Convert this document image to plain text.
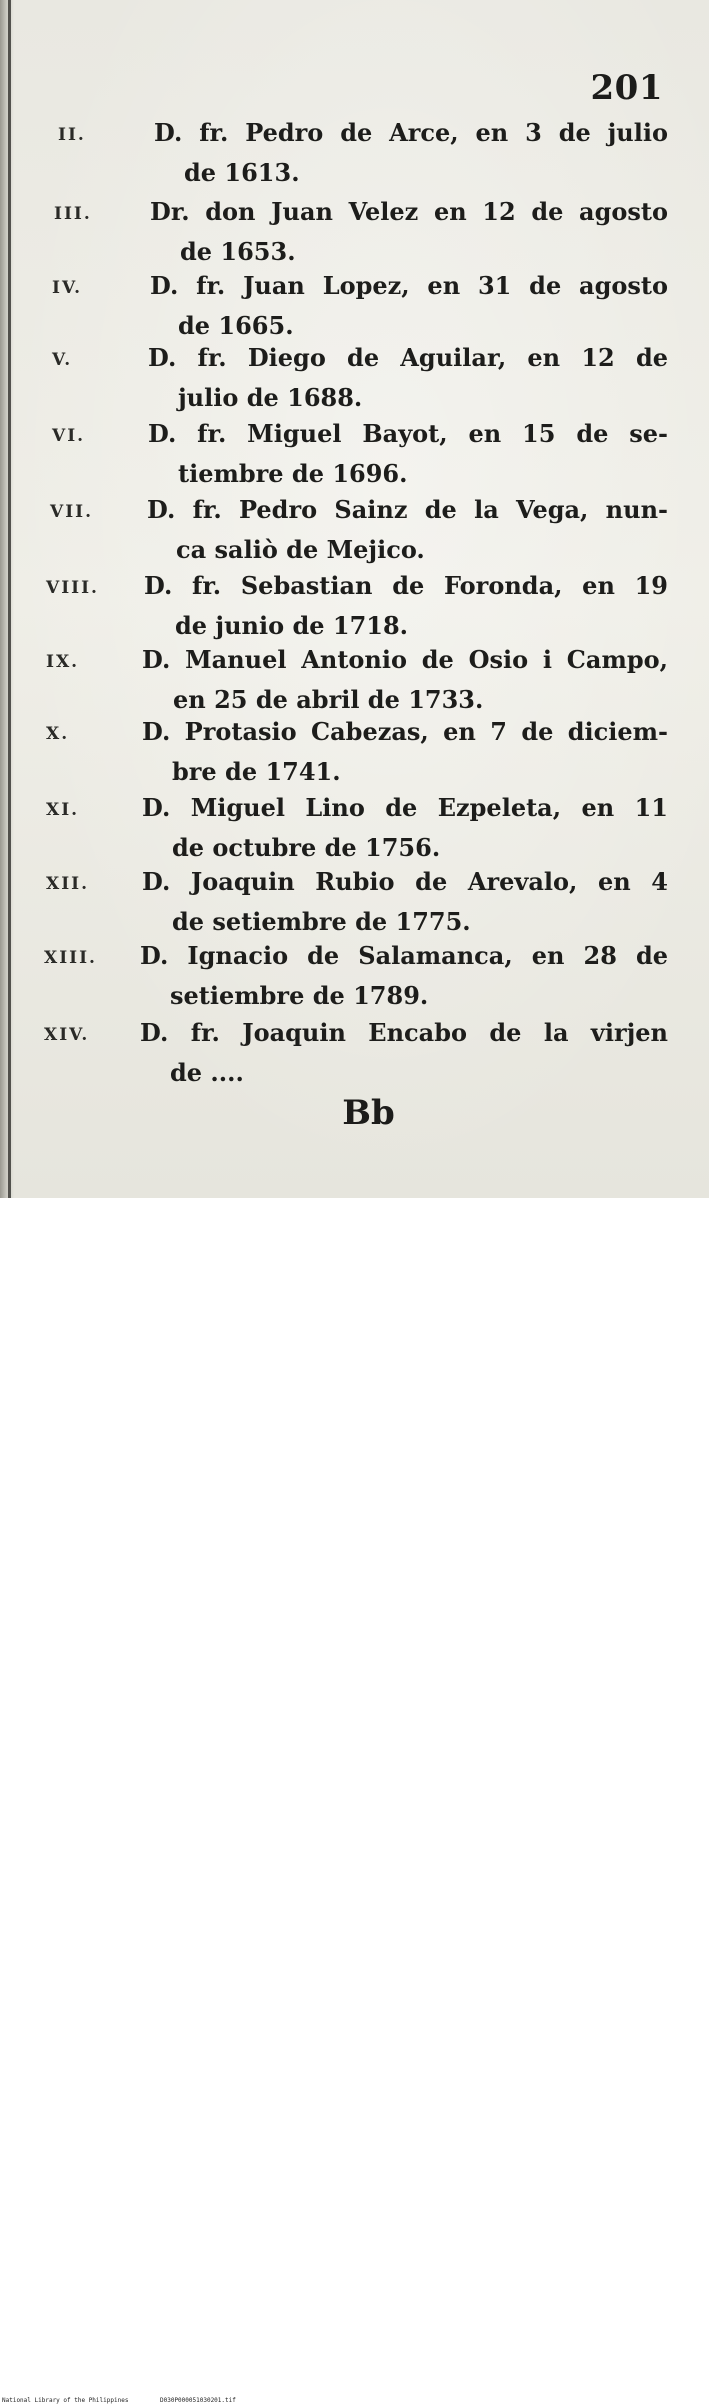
201
II.	D. fr. Pedro de Arce, en 3 de julio
de 1613.
III. Dr. don Juan Velez en 12 de agosto
de 1653.
IV.	D. fr. Juan Lopez, en 31 de agosto
de 1665.
V.	D. fr. Diego de Aguilar, en 12 de
julio de 1688.
VI.	D. fr. Miguel Bayot, en 15 de se-
tiembre de 1696.
VII. D. fr. Pedro Sainz de la Vega, nun-
ca saliò de Mejico.
VIII. D. fr. Sebastian de Foronda, en 19
de junio de 1718.
IX.	D. Manuel Antonio de Osio i Campo,
en 25 de abril de 1733.
X.	D. Protasio Cabezas, en 7 de diciem-
bre de 1741.
XI.	D. Miguel Lino de Ezpeleta, en 11
de octubre de 1756.
XII. D. Joaquin Rubio de Arevalo, en 4
de setiembre de 1775.
XIII. D. Ignacio de Salamanca, en 28 de
setiembre de 1789.
XIV. D. fr. Joaquin Encabo de la virjen
de ....
Bb
National Library of the Philippines	D030P000051030201.tif
